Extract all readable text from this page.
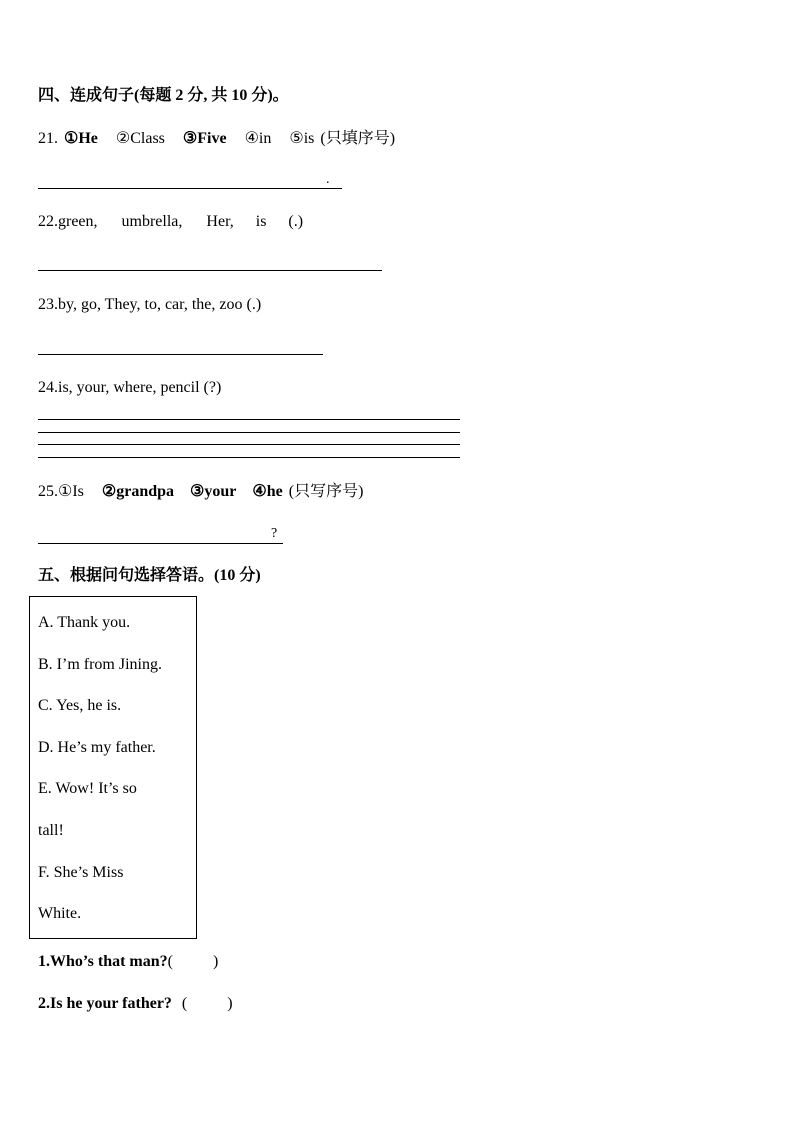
四、连成句子(每题 2 分, 共 10 分)。
21. ①He ②Class ③Five ④in ⑤is (只填序号)
.
22.green, umbrella, Her, is (.)
23.by, go, They, to, car, the, zoo (.)
24.is, your, where, pencil (?)
25.①Is ②grandpa ③your ④he (只写序号)
?
五、根据问句选择答语。(10 分)
A. Thank you.
B. I’m from Jining.
C. Yes, he is.
D. He’s my father.
E. Wow! It’s so
tall!
F. She’s Miss
White.
1.Who’s that man?(          )
2.Is he your father? (          )
